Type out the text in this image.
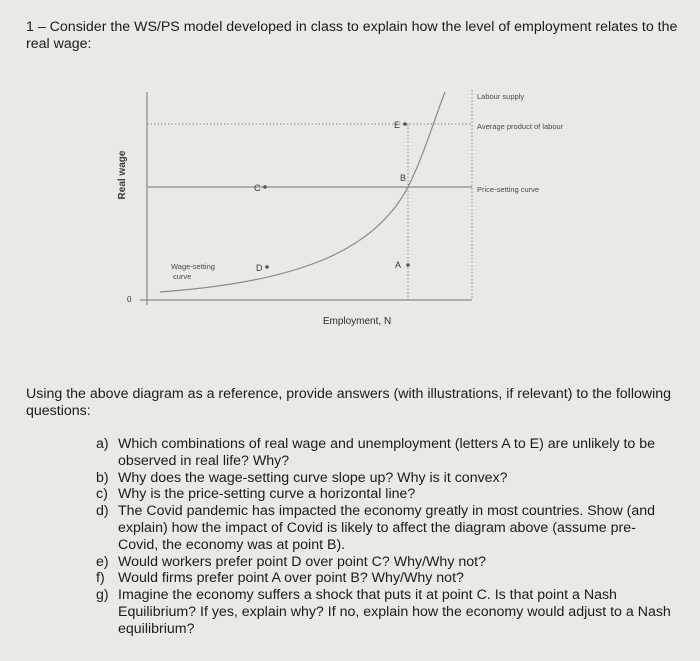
1 – Consider the WS/PS model developed in class to explain how the level of employment relates to the real wage:
E
C
B
D	A
Labour supply
Average product of labour
Price-setting curve
Wage-setting
curve
Real wage
Employment, N
0
Using the above diagram as a reference, provide answers (with illustrations, if relevant) to the following questions:
a) Which combinations of real wage and unemployment (letters A to E) are unlikely to be observed in real life? Why?
b) Why does the wage-setting curve slope up? Why is it convex?
c) Why is the price-setting curve a horizontal line?
d) The Covid pandemic has impacted the economy greatly in most countries. Show (and explain) how the impact of Covid is likely to affect the diagram above (assume pre-Covid, the economy was at point B).
e) Would workers prefer point D over point C? Why/Why not?
f) Would firms prefer point A over point B? Why/Why not?
g) Imagine the economy suffers a shock that puts it at point C. Is that point a Nash Equilibrium? If yes, explain why? If no, explain how the economy would adjust to a Nash equilibrium?
